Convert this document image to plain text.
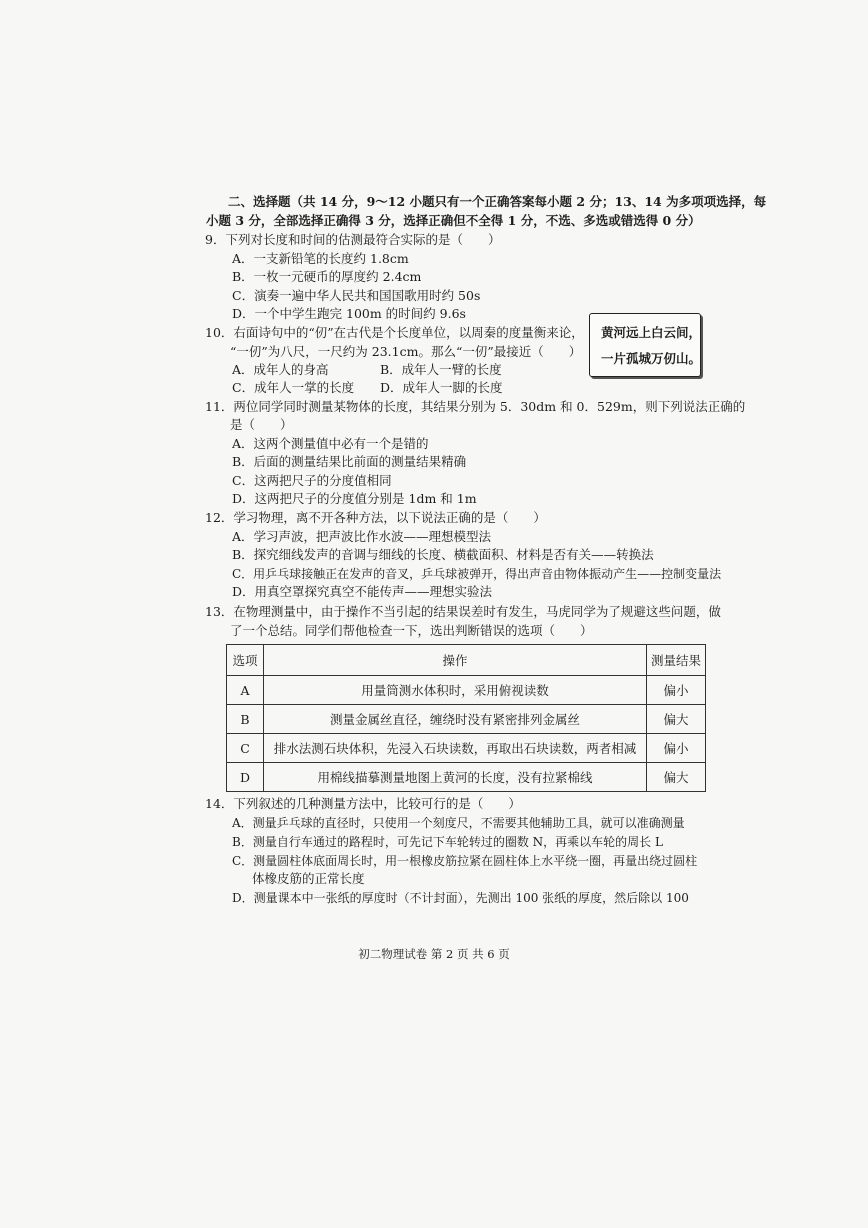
二、选择题（共 14 分，9～12 小题只有一个正确答案每小题 2 分；13、14 为多项项选择，每
小题 3 分，全部选择正确得 3 分，选择正确但不全得 1 分，不选、多选或错选得 0 分）
9．下列对长度和时间的估测最符合实际的是（　　）
A．一支新铅笔的长度约 1.8cm
B．一枚一元硬币的厚度约 2.4cm
C．演奏一遍中华人民共和国国歌用时约 50s
D．一个中学生跑完 100m 的时间约 9.6s
10．右面诗句中的“仞”在古代是个长度单位，以周秦的度量衡来论，
“一仞”为八尺，一尺约为 23.1cm。那么“一仞”最接近（　　）
A．成年人的身高	B．成年人一臂的长度
C．成年人一掌的长度 D．成年人一脚的长度
黄河远上白云间，
一片孤城万仞山。
11．两位同学同时测量某物体的长度，其结果分别为 5．30dm 和 0．529m，则下列说法正确的
是（　　）
A．这两个测量值中必有一个是错的
B．后面的测量结果比前面的测量结果精确
C．这两把尺子的分度值相同
D．这两把尺子的分度值分别是 1dm 和 1m
12．学习物理，离不开各种方法，以下说法正确的是（　　）
A．学习声波，把声波比作水波——理想模型法
B．探究细线发声的音调与细线的长度、横截面积、材料是否有关——转换法
C．用乒乓球接触正在发声的音叉，乒乓球被弹开，得出声音由物体振动产生——控制变量法
D．用真空罩探究真空不能传声——理想实验法
13．在物理测量中，由于操作不当引起的结果误差时有发生，马虎同学为了规避这些问题，做
了一个总结。同学们帮他检查一下，选出判断错误的选项（　　）
选项	操作	测量结果
A	用量筒测水体积时，采用俯视读数	偏小
B	测量金属丝直径，缠绕时没有紧密排列金属丝	偏大
C	排水法测石块体积，先浸入石块读数，再取出石块读数，两者相减	偏小
D	用棉线描摹测量地图上黄河的长度，没有拉紧棉线	偏大
14．下列叙述的几种测量方法中，比较可行的是（　　）
A．测量乒乓球的直径时，只使用一个刻度尺，不需要其他辅助工具，就可以准确测量
B．测量自行车通过的路程时，可先记下车轮转过的圈数 N，再乘以车轮的周长 L
C．测量圆柱体底面周长时，用一根橡皮筋拉紧在圆柱体上水平绕一圈，再量出绕过圆柱
体橡皮筋的正常长度
D．测量课本中一张纸的厚度时（不计封面），先测出 100 张纸的厚度，然后除以 100
初二物理试卷 第 2 页 共 6 页
